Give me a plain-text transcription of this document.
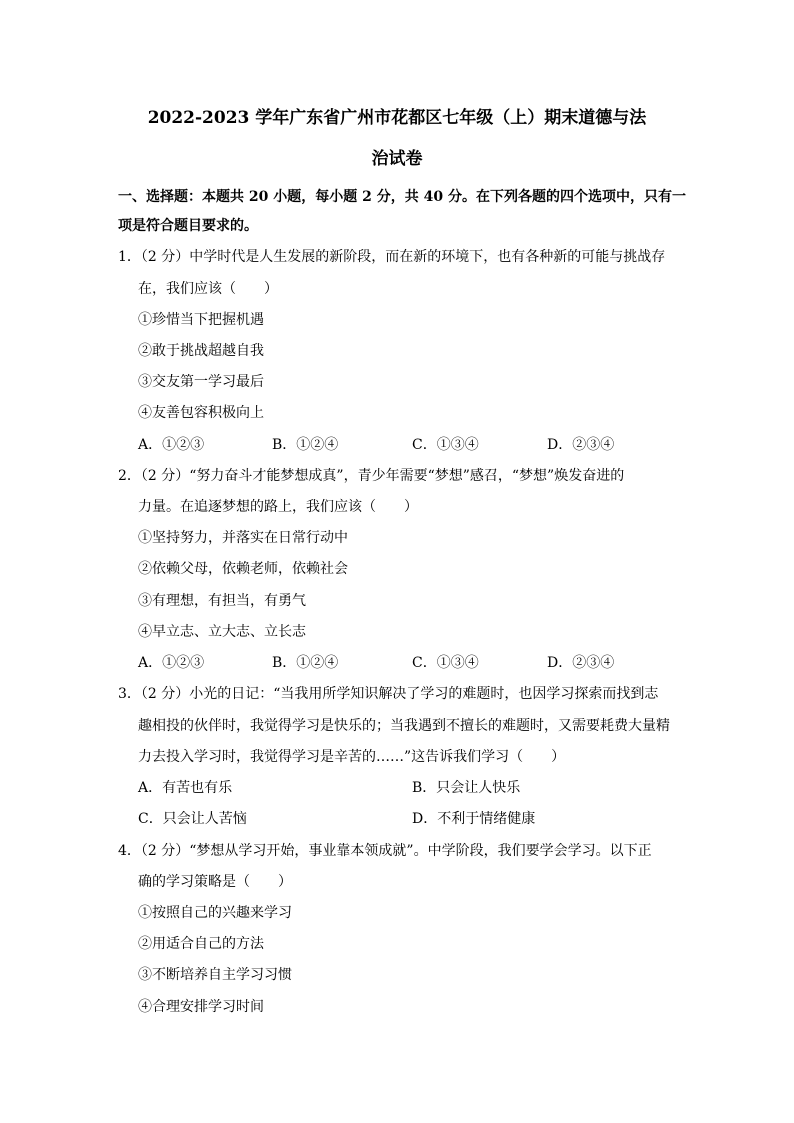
2022-2023 学年广东省广州市花都区七年级（上）期末道德与法
治试卷
一、选择题：本题共 20 小题，每小题 2 分，共 40 分。在下列各题的四个选项中，只有一
项是符合题目要求的。
1．（2 分）中学时代是人生发展的新阶段，而在新的环境下，也有各种新的可能与挑战存
在，我们应该（　　）
①珍惜当下把握机遇
②敢于挑战超越自我
③交友第一学习最后
④友善包容积极向上
A．①②③	B．①②④	C．①③④	D．②③④
2．（2 分）“努力奋斗才能梦想成真”，青少年需要“梦想”感召，“梦想”焕发奋进的
力量。在追逐梦想的路上，我们应该（　　）
①坚持努力，并落实在日常行动中
②依赖父母，依赖老师，依赖社会
③有理想，有担当，有勇气
④早立志、立大志、立长志
A．①②③	B．①②④	C．①③④	D．②③④
3．（2 分）小光的日记：“当我用所学知识解决了学习的难题时，也因学习探索而找到志
趣相投的伙伴时，我觉得学习是快乐的；当我遇到不擅长的难题时，又需要耗费大量精
力去投入学习时，我觉得学习是辛苦的……”这告诉我们学习（　　）
A．有苦也有乐	B．只会让人快乐
C．只会让人苦恼	D．不利于情绪健康
4．（2 分）“梦想从学习开始，事业靠本领成就”。中学阶段，我们要学会学习。以下正
确的学习策略是（　　）
①按照自己的兴趣来学习
②用适合自己的方法
③不断培养自主学习习惯
④合理安排学习时间
